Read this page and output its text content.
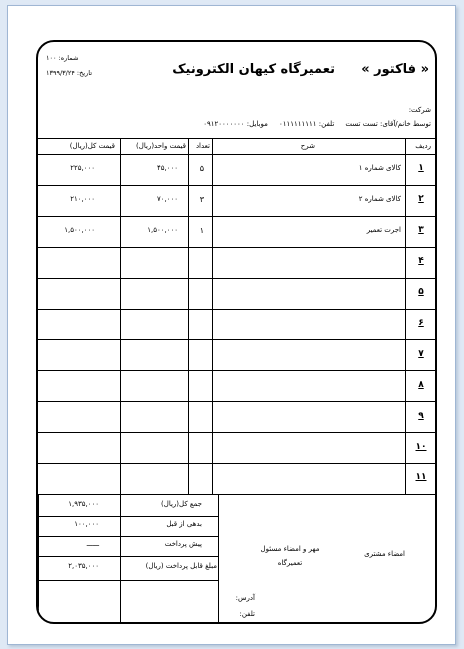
« فاکتور »
تعمیرگاه کیهان الکترونیک
شماره: ۱۰۰
تاریخ: ۱۳۹۹/۳/۲۴
شرکت:
توسط خانم/آقای: تست تست     تلفن: ۰۱۱۱۱۱۱۱۱۱     موبایل: ۰۹۱۲۰۰۰۰۰۰۰
ردیف
شرح
تعداد
قیمت واحد(ریال)
قیمت کل(ریال)
۱
کالای شماره ۱
۵
۴۵,۰۰۰
۲۲۵,۰۰۰
۲
کالای شماره ۲
۳
۷۰,۰۰۰
۲۱۰,۰۰۰
۳
اجرت تعمیر
۱
۱,۵۰۰,۰۰۰
۱,۵۰۰,۰۰۰
۴
۵
۶
۷
۸
۹
۱۰
۱۱
جمع کل(ریال)
۱,۹۳۵,۰۰۰
بدهی از قبل
۱۰۰,۰۰۰
پیش پرداخت
ــــــ
مبلغ قابل پرداخت (ریال)
۲,۰۳۵,۰۰۰
امضاء مشتری
مهر و امضاء مسئول تعمیرگاه
آدرس:
تلفن:
